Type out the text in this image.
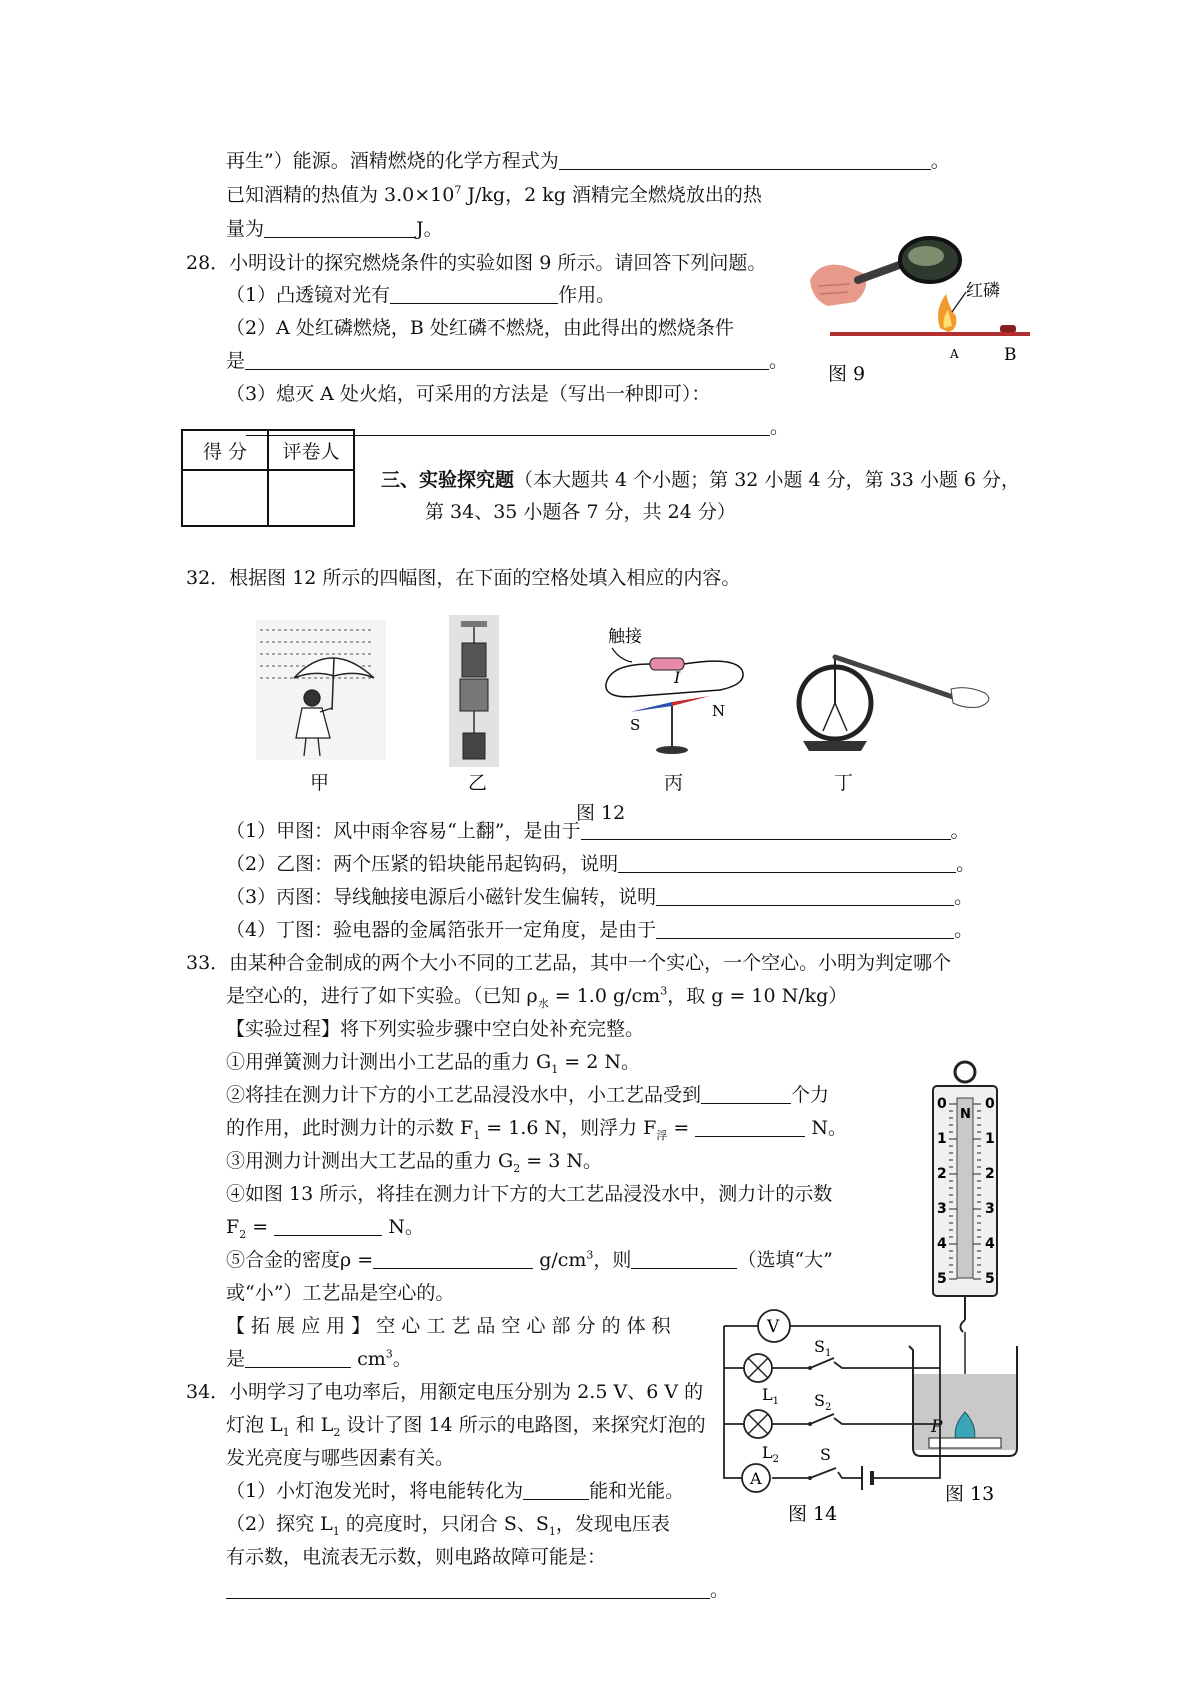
再生”）能源。酒精燃烧的化学方程式为	。
已知酒精的热值为 $3.0\times 10^7$ J/kg，2 kg 酒精完全燃烧放出的热
量为	J。
28．小明设计的探究燃烧条件的实验如图 9 所示。请回答下列问题。
（1）凸透镜对光有	作用。
（2）A 处红磷燃烧，B 处红磷不燃烧，由此得出的燃烧条件
是	。
（3）熄灭 A 处火焰，可采用的方法是（写出一种即可）：
。
红磷
A	B
图 9
得 分	评卷人

三、实验探究题（本大题共 4 个小题；第 32 小题 4 分，第 33 小题 6 分，
第 34、35 小题各 7 分，共 24 分）
32．根据图 12 所示的四幅图，在下面的空格处填入相应的内容。
甲	乙
触接
I
S
N
丙	丁
图 12
（1）甲图：风中雨伞容易“上翻”，是由于	。
（2）乙图：两个压紧的铅块能吊起钩码，说明	。
（3）丙图：导线触接电源后小磁针发生偏转，说明	。
（4）丁图：验电器的金属箔张开一定角度，是由于	。
33．由某种合金制成的两个大小不同的工艺品，其中一个实心，一个空心。小明为判定哪个
是空心的，进行了如下实验。（已知 $\rho_水 = 1.0$ $g/cm^3$，取 g = 10 N/kg）
【实验过程】将下列实验步骤中空白处补充完整。
①用弹簧测力计测出小工艺品的重力 $G_1 = 2$ N。
②将挂在测力计下方的小工艺品浸没水中，小工艺品受到	个力
的作用，此时测力计的示数 $F_1 = 1.6$ N，则浮力 $F_浮$ =	N。
③用测力计测出大工艺品的重力 $G_2 = 3$ N。
④如图 13 所示，将挂在测力计下方的大工艺品浸没水中，测力计的示数
$F_2$ =	N。
⑤合金的密度ρ =	$g/cm^3$，则	（选填“大”
或“小”）工艺品是空心的。
【 拓 展 应 用 】 空 心 工 艺 品 空 心 部 分 的 体 积
是	$cm^3$。
34．小明学习了电功率后，用额定电压分别为 2.5 V、6 V 的
灯泡 $L_1$ 和 $L_2$ 设计了图 14 所示的电路图，来探究灯泡的
发光亮度与哪些因素有关。
（1）小灯泡发光时，将电能转化为	能和光能。
（2）探究 $L_1$ 的亮度时，只闭合 S、$S_1$，发现电压表
有示数，电流表无示数，则电路故障可能是：
。
0	0
1	1
2	2
3	3
4	4
5	5
N
P
图 13
V
$L_1$
$S_1$
$L_2$
$S_2$
A
S
图 14
